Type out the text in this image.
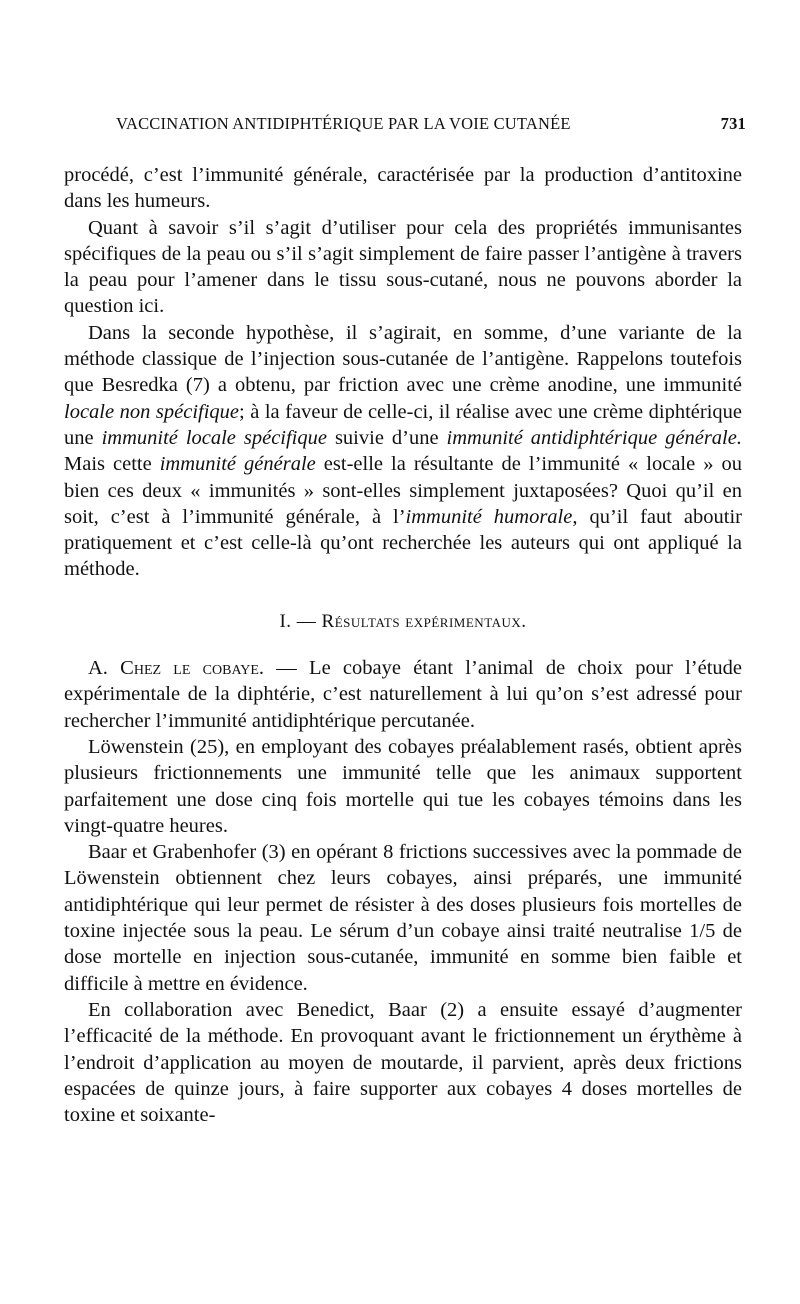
VACCINATION ANTIDIPHTÉRIQUE PAR LA VOIE CUTANÉE	731

procédé, c’est l’immunité générale, caractérisée par la production d’antitoxine dans les humeurs.

Quant à savoir s’il s’agit d’utiliser pour cela des propriétés immunisantes spécifiques de la peau ou s’il s’agit simplement de faire passer l’antigène à travers la peau pour l’amener dans le tissu sous-cutané, nous ne pouvons aborder la question ici.

Dans la seconde hypothèse, il s’agirait, en somme, d’une variante de la méthode classique de l’injection sous-cutanée de l’antigène. Rappelons toutefois que Besredka (7) a obtenu, par friction avec une crème anodine, une immunité locale non spécifique; à la faveur de celle-ci, il réalise avec une crème diphtérique une immunité locale spécifique suivie d’une immunité antidiphtérique générale. Mais cette immunité générale est-elle la résultante de l’immunité « locale » ou bien ces deux « immunités » sont-elles simplement juxtaposées? Quoi qu’il en soit, c’est à l’immunité générale, à l’immunité humorale, qu’il faut aboutir pratiquement et c’est celle-là qu’ont recherchée les auteurs qui ont appliqué la méthode.

I. — Résultats expérimentaux.

A. Chez le cobaye. — Le cobaye étant l’animal de choix pour l’étude expérimentale de la diphtérie, c’est naturellement à lui qu’on s’est adressé pour rechercher l’immunité antidiphtérique percutanée.

Löwenstein (25), en employant des cobayes préalablement rasés, obtient après plusieurs frictionnements une immunité telle que les animaux supportent parfaitement une dose cinq fois mortelle qui tue les cobayes témoins dans les vingt-quatre heures.

Baar et Grabenhofer (3) en opérant 8 frictions successives avec la pommade de Löwenstein obtiennent chez leurs cobayes, ainsi préparés, une immunité antidiphtérique qui leur permet de résister à des doses plusieurs fois mortelles de toxine injectée sous la peau. Le sérum d’un cobaye ainsi traité neutralise 1/5 de dose mortelle en injection sous-cutanée, immunité en somme bien faible et difficile à mettre en évidence.

En collaboration avec Benedict, Baar (2) a ensuite essayé d’augmenter l’efficacité de la méthode. En provoquant avant le frictionnement un érythème à l’endroit d’application au moyen de moutarde, il parvient, après deux frictions espacées de quinze jours, à faire supporter aux cobayes 4 doses mortelles de toxine et soixante-
